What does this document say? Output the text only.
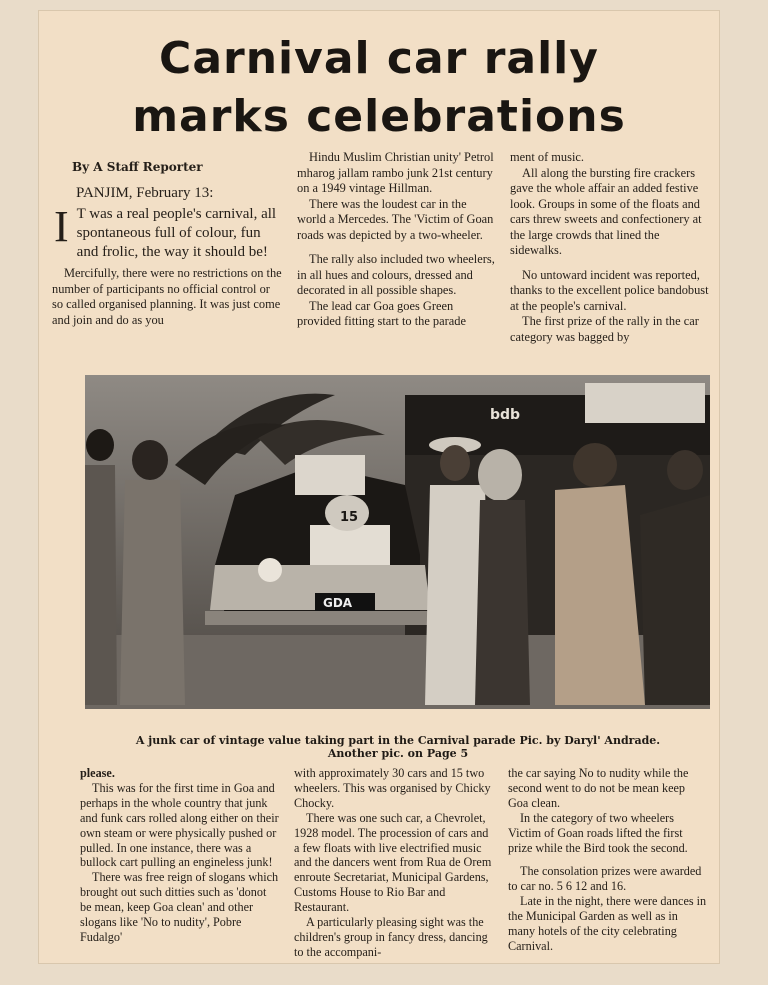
Carnival car rally
marks celebrations

By A Staff Reporter

PANJIM, February 13:

I T was a real people's carnival, all spontaneous full of colour, fun and frolic, the way it should be!

Mercifully, there were no restrictions on the number of participants no official control or so called organised planning. It was just come and join and do as you

Hindu Muslim Christian unity' Petrol mharog jallam rambo junk 21st century on a 1949 vintage Hillman.

There was the loudest car in the world a Mercedes. The 'Victim of Goan roads was depicted by a two-wheeler.

The rally also included two wheelers, in all hues and colours, dressed and decorated in all possible shapes.

The lead car Goa goes Green provided fitting start to the parade

ment of music.

All along the bursting fire crackers gave the whole affair an added festive look. Groups in some of the floats and cars threw sweets and confectionery at the large crowds that lined the sidewalks.

No untoward incident was reported, thanks to the excellent police bandobust at the people's carnival.

The first prize of the rally in the car category was bagged by

bdb
15
GDA
A junk car of vintage value taking part in the Carnival parade Pic. by Daryl' Andrade.
Another pic. on Page 5

please.

This was for the first time in Goa and perhaps in the whole country that junk and funk cars rolled along either on their own steam or were physically pushed or pulled. In one instance, there was a bullock cart pulling an engineless junk!

There was free reign of slogans which brought out such ditties such as 'donot be mean, keep Goa clean' and other slogans like 'No to nudity', Pobre Fudalgo'

with approximately 30 cars and 15 two wheelers. This was organised by Chicky Chocky.

There was one such car, a Chevrolet, 1928 model. The procession of cars and a few floats with live electrified music and the dancers went from Rua de Orem enroute Secretariat, Municipal Gardens, Customs House to Rio Bar and Restaurant.

A particularly pleasing sight was the children's group in fancy dress, dancing to the accompani-

the car saying No to nudity while the second went to do not be mean keep Goa clean.

In the category of two wheelers Victim of Goan roads lifted the first prize while the Bird took the second.

The consolation prizes were awarded to car no. 5 6 12 and 16.

Late in the night, there were dances in the Municipal Garden as well as in many hotels of the city celebrating Carnival.
